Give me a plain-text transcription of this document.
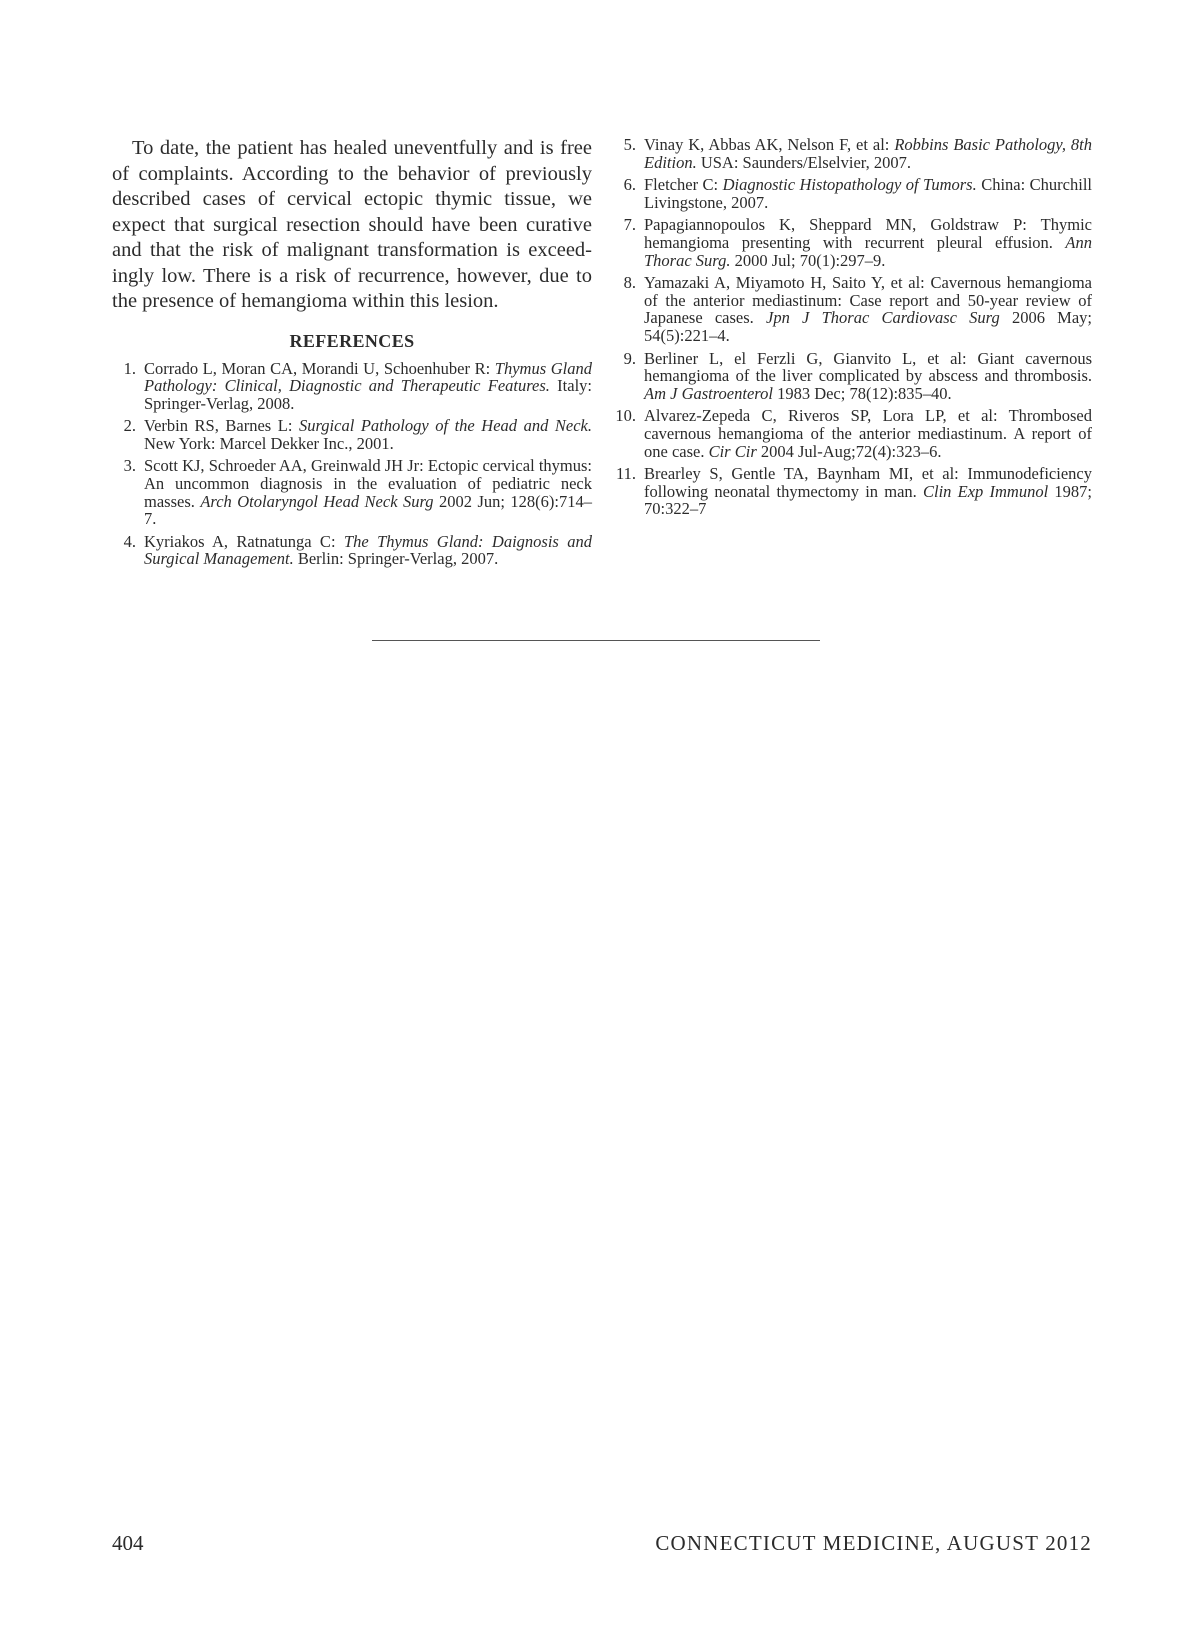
To date, the patient has healed uneventfully and is free of complaints. According to the behavior of previously described cases of cervical ectopic thymic tissue, we expect that surgical resection should have been curative and that the risk of malignant transformation is exceedingly low. There is a risk of recurrence, however, due to the presence of hemangioma within this lesion.

REFERENCES
1. Corrado L, Moran CA, Morandi U, Schoenhuber R: Thymus Gland Pathology: Clinical, Diagnostic and Therapeutic Features. Italy: Springer-Verlag, 2008.
2. Verbin RS, Barnes L: Surgical Pathology of the Head and Neck. New York: Marcel Dekker Inc., 2001.
3. Scott KJ, Schroeder AA, Greinwald JH Jr: Ectopic cervical thymus: An uncommon diagnosis in the evaluation of pediatric neck masses. Arch Otolaryngol Head Neck Surg 2002 Jun; 128(6):714–7.
4. Kyriakos A, Ratnatunga C: The Thymus Gland: Daignosis and Surgical Management. Berlin: Springer-Verlag, 2007.
5. Vinay K, Abbas AK, Nelson F, et al: Robbins Basic Pathology, 8th Edition. USA: Saunders/Elselvier, 2007.
6. Fletcher C: Diagnostic Histopathology of Tumors. China: Churchill Livingstone, 2007.
7. Papagiannopoulos K, Sheppard MN, Goldstraw P: Thymic hemangioma presenting with recurrent pleural effusion. Ann Thorac Surg. 2000 Jul; 70(1):297–9.
8. Yamazaki A, Miyamoto H, Saito Y, et al: Cavernous hemangioma of the anterior mediastinum: Case report and 50-year review of Japanese cases. Jpn J Thorac Cardiovasc Surg 2006 May; 54(5):221–4.
9. Berliner L, el Ferzli G, Gianvito L, et al: Giant cavernous hemangioma of the liver complicated by abscess and thrombosis. Am J Gastroenterol 1983 Dec; 78(12):835–40.
10. Alvarez-Zepeda C, Riveros SP, Lora LP, et al: Thrombosed cavernous hemangioma of the anterior mediastinum. A report of one case. Cir Cir 2004 Jul-Aug;72(4):323–6.
11. Brearley S, Gentle TA, Baynham MI, et al: Immunodeficiency following neonatal thymectomy in man. Clin Exp Immunol 1987; 70:322–7
404	CONNECTICUT MEDICINE, AUGUST 2012
